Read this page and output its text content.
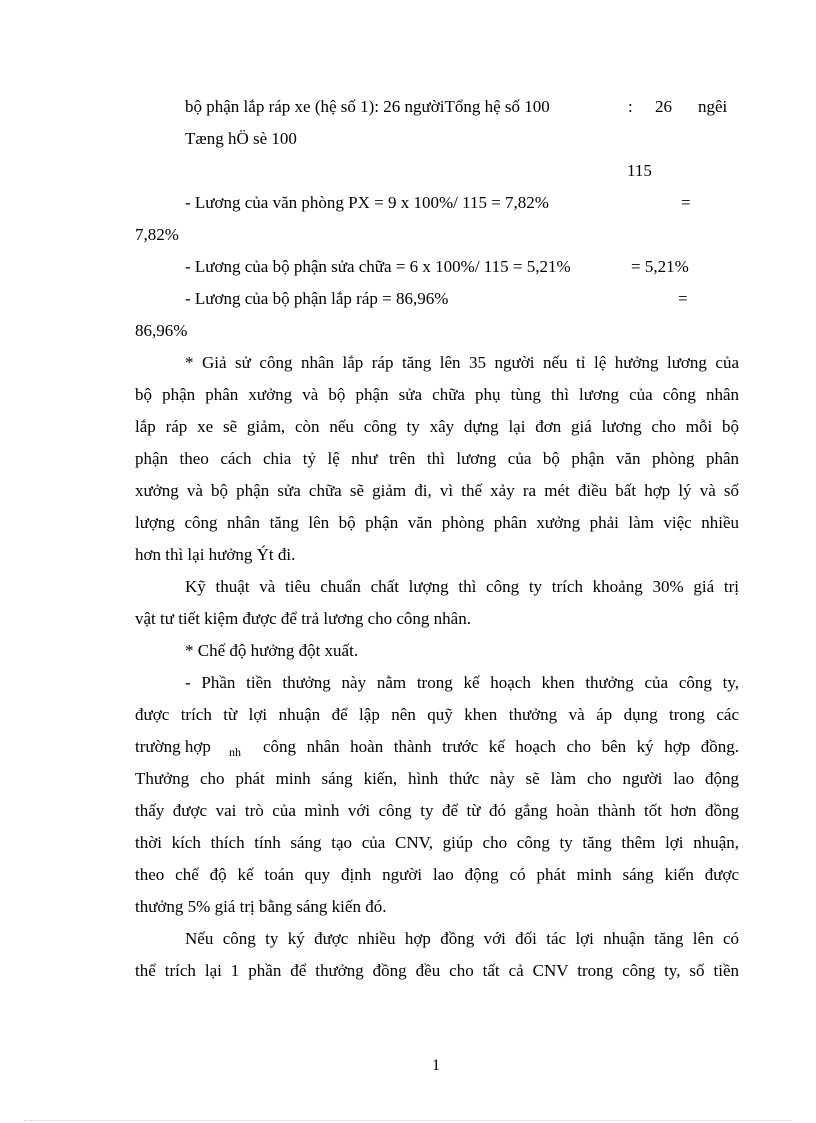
bộ phận lắp ráp xe (hệ số 1): 26 ngườiTổng hệ số 100	: 26 ngêi
Tæng hÖ sè 100
115
- Lương của văn phòng PX = 9 x 100%/ 115 = 7,82%	=
7,82%
- Lương của bộ phận sửa chữa = 6 x 100%/ 115 = 5,21%	= 5,21%
- Lương của bộ phận lắp ráp = 86,96%	=
86,96%
* Giả sử công nhân lắp ráp tăng lên 35 người nếu tỉ lệ hưởng lương của
bộ phận phân xưởng và bộ phận sửa chữa phụ tùng thì lương của công nhân
lắp ráp xe sẽ giảm, còn nếu công ty xây dựng lại đơn giá lương cho mỗi bộ
phận theo cách chia tỷ lệ như trên thì lương của bộ phận văn phòng phân
xưởng và bộ phận sửa chữa sẽ giảm đi, vì thế xảy ra mét điều bất hợp lý và số
lượng công nhân tăng lên bộ phận văn phòng phân xưởng phải làm việc nhiều
hơn thì lại hưởng Ýt đi.
Kỹ thuật và tiêu chuẩn chất lượng thì công ty trích khoảng 30% giá trị
vật tư tiết kiệm được để trả lương cho công nhân.
* Chế độ hưởng đột xuất.
- Phần tiền thưởng này nằm trong kế hoạch khen thưởng của công ty,
được trích từ lợi nhuận để lập nên quỹ khen thưởng và áp dụng trong các
trường hợp $_{nh}$ công nhân hoàn thành trước kế hoạch cho bên ký hợp đồng.
Thưởng cho phát minh sáng kiến, hình thức này sẽ làm cho người lao động
thấy được vai trò của mình với công ty để từ đó gắng hoàn thành tốt hơn đồng
thời kích thích tính sáng tạo của CNV, giúp cho công ty tăng thêm lợi nhuận,
theo chế độ kế toán quy định người lao động có phát minh sáng kiến được
thưởng 5% giá trị bằng sáng kiến đó.
Nếu công ty ký được nhiều hợp đồng với đối tác lợi nhuận tăng lên có
thể trích lại 1 phần để thưởng đồng đều cho tất cả CNV trong công ty, số tiền
1
